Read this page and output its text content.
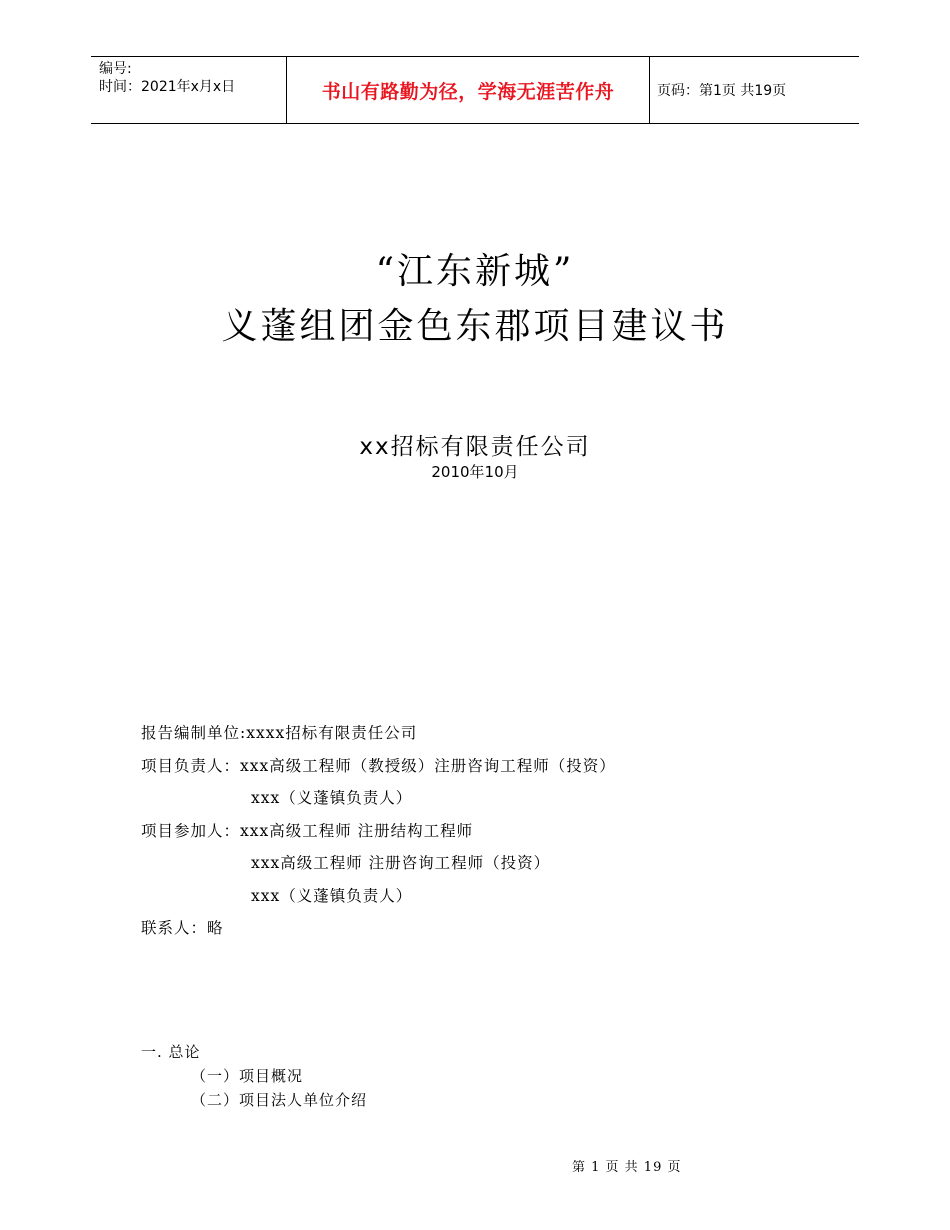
编号:
时间：2021年x月x日	书山有路勤为径，学海无涯苦作舟	页码：第1页 共19页
“江东新城”
义蓬组团金色东郡项目建议书
xx招标有限责任公司
2010年10月
报告编制单位:xxxx招标有限责任公司
项目负责人：xxx高级工程师（教授级）注册咨询工程师（投资）
xxx（义蓬镇负责人）
项目参加人：xxx高级工程师 注册结构工程师
xxx高级工程师 注册咨询工程师（投资）
xxx（义蓬镇负责人）
联系人：略
一. 总论
（一）项目概况
（二）项目法人单位介绍
第 1 页 共 19 页
